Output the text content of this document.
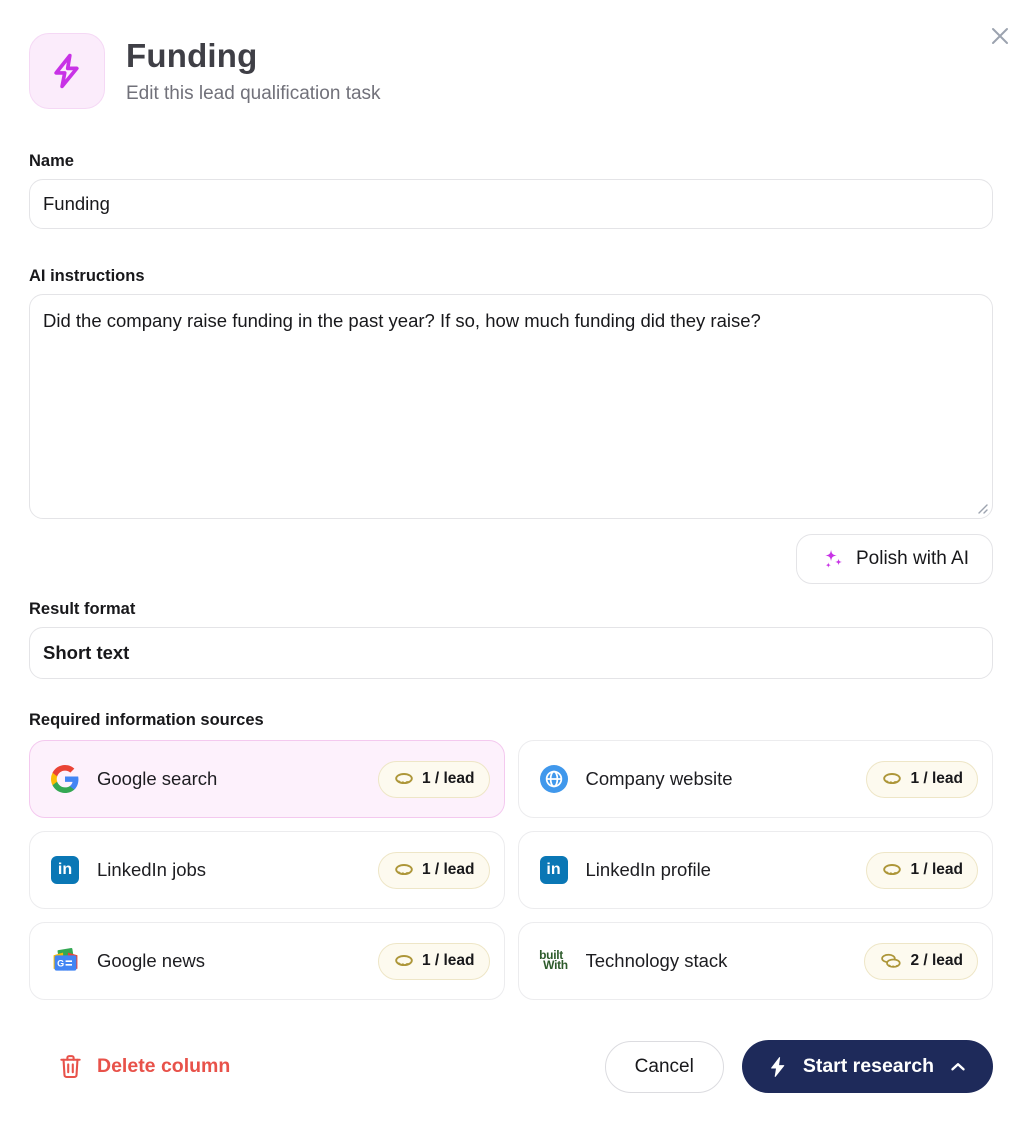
Funding
Edit this lead qualification task
Name
Funding
AI instructions
Did the company raise funding in the past year? If so, how much funding did they raise?
Polish with AI
Result format
Short text
Required information sources
Google search	1 / lead	Company website	1 / lead
in	LinkedIn jobs	1 / lead	in	LinkedIn profile	1 / lead
G Google news	1 / lead	built
With Technology stack	2 / lead
Delete column	Cancel	Start research
